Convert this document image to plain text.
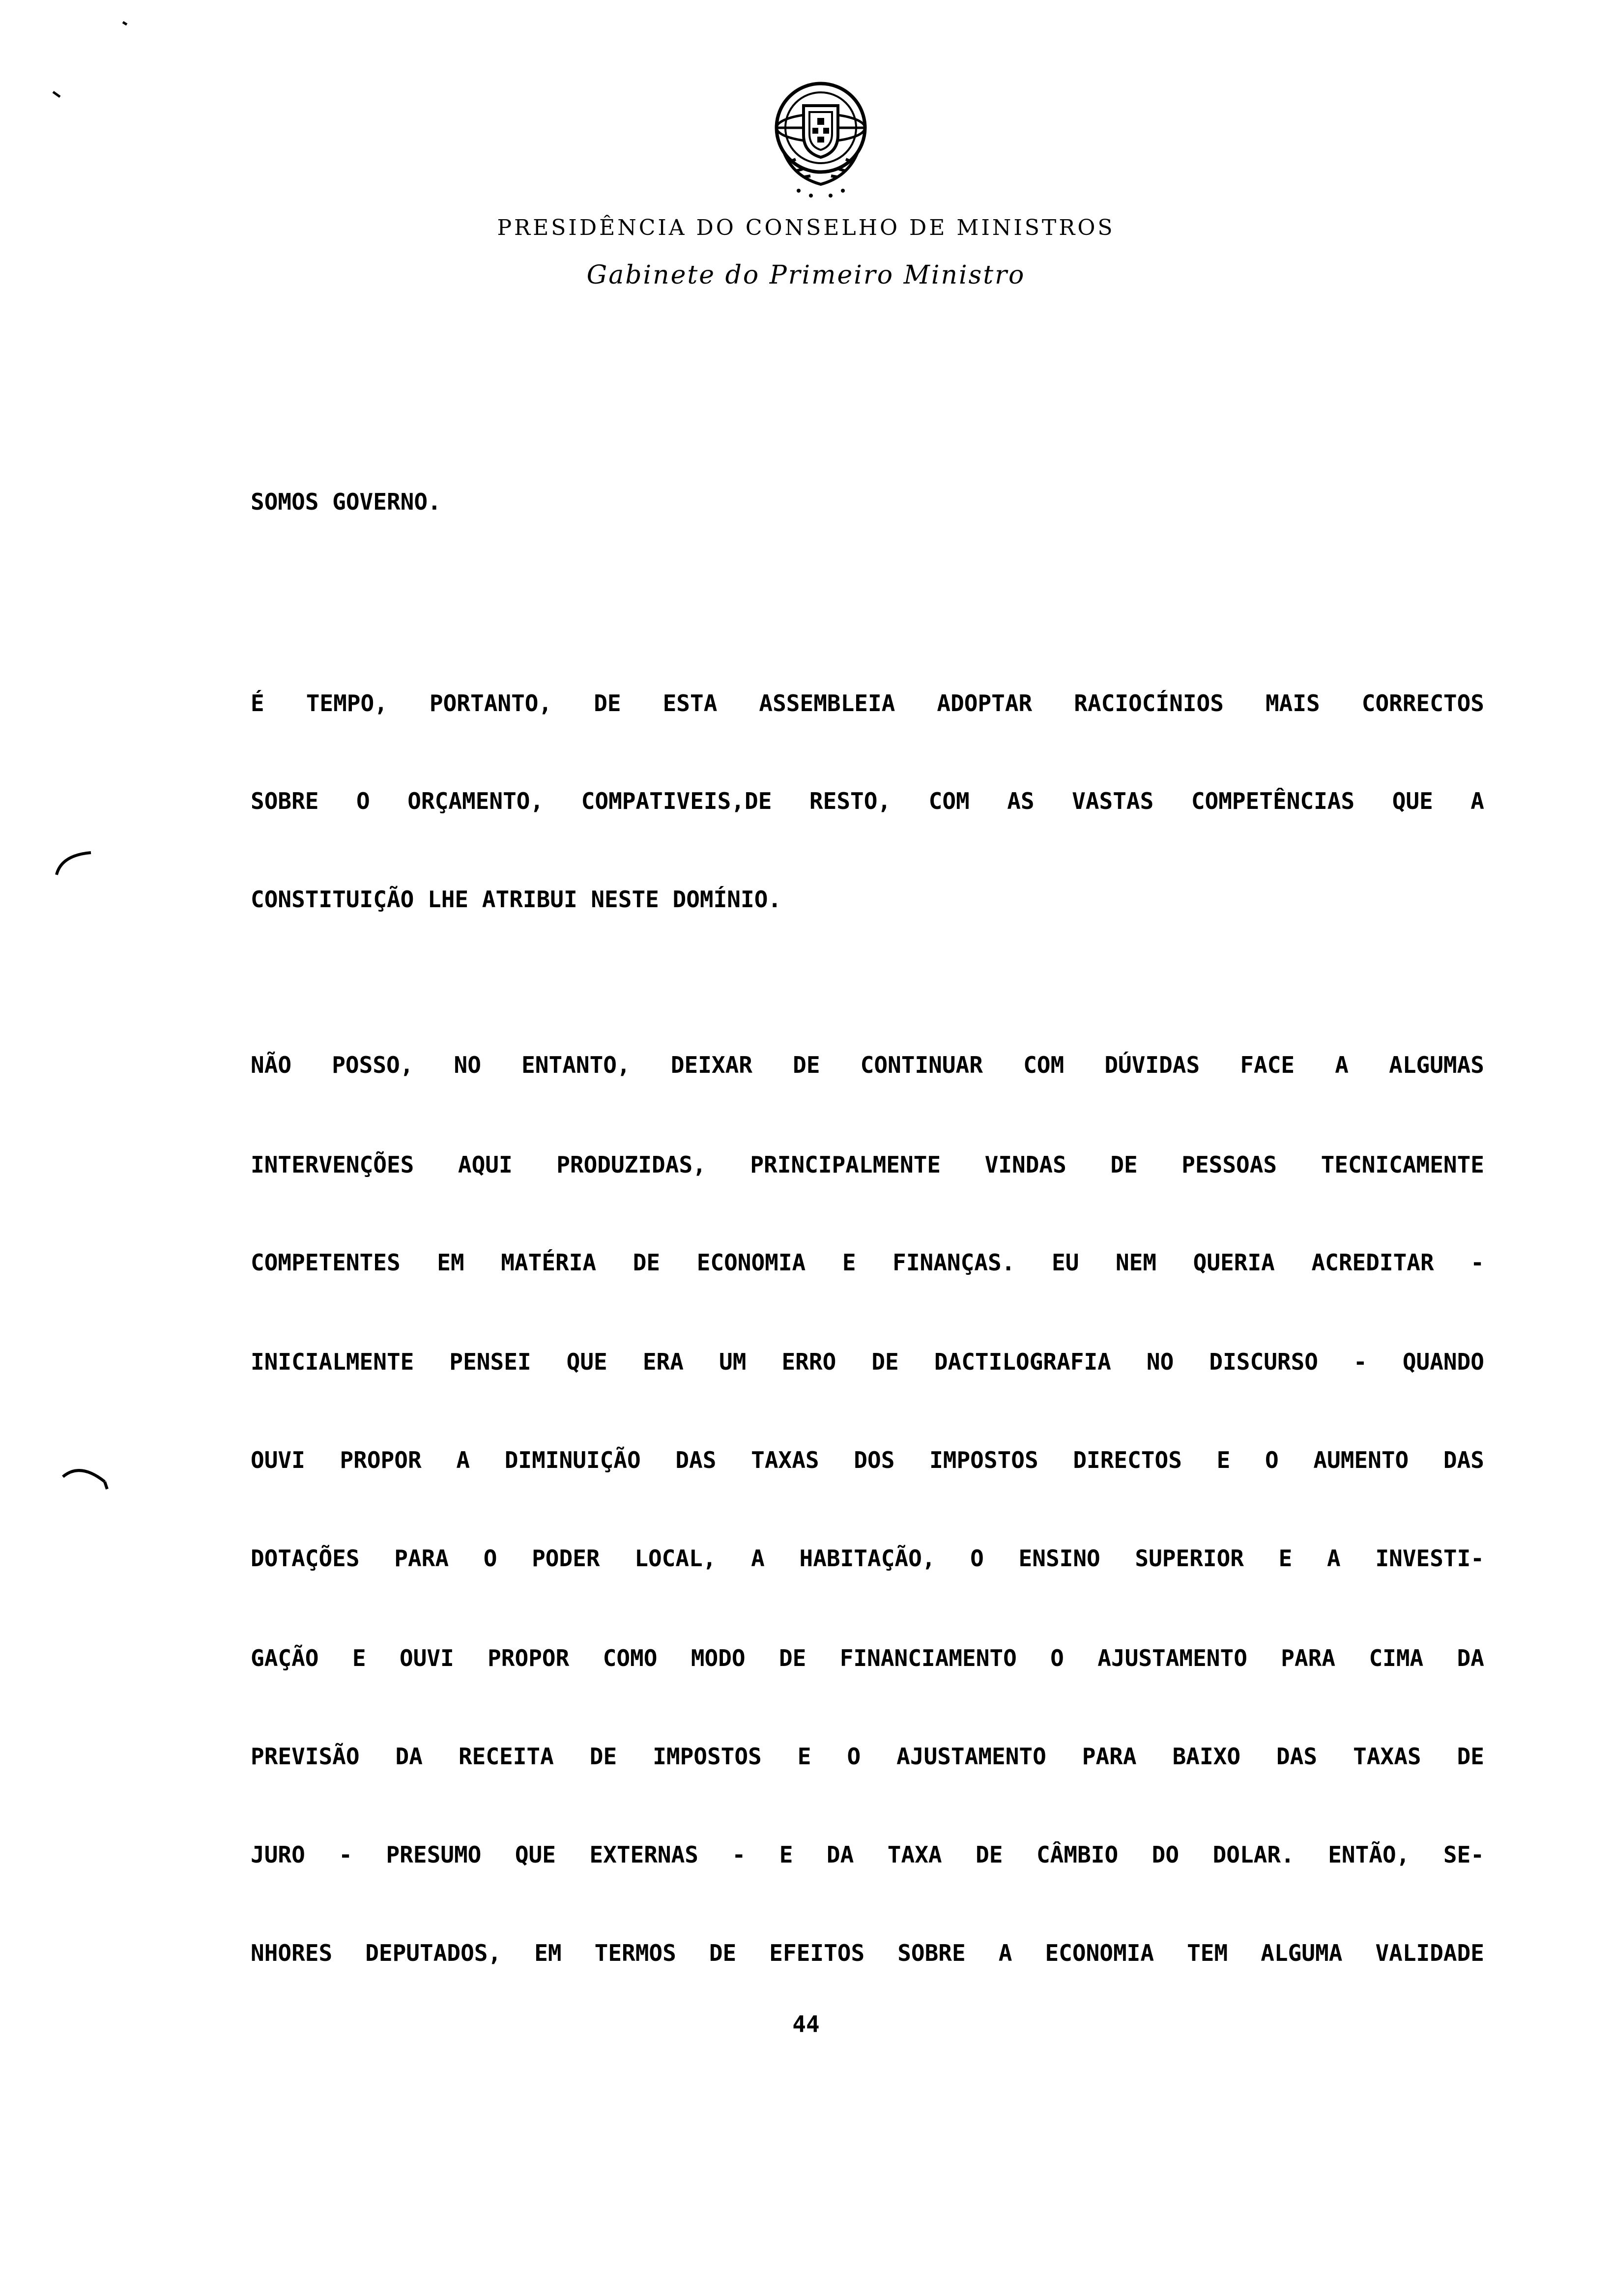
PRESIDÊNCIA DO CONSELHO DE MINISTROS
Gabinete do Primeiro Ministro
SOMOS GOVERNO.
É TEMPO, PORTANTO, DE ESTA ASSEMBLEIA ADOPTAR RACIOCÍNIOS MAIS CORRECTOS
SOBRE O ORÇAMENTO, COMPATIVEIS,DE RESTO, COM AS VASTAS COMPETÊNCIAS QUE A
CONSTITUIÇÃO LHE ATRIBUI NESTE DOMÍNIO.
NÃO POSSO, NO ENTANTO, DEIXAR DE CONTINUAR COM DÚVIDAS FACE A ALGUMAS
INTERVENÇÕES AQUI PRODUZIDAS, PRINCIPALMENTE VINDAS DE PESSOAS TECNICAMENTE
COMPETENTES EM MATÉRIA DE ECONOMIA E FINANÇAS. EU NEM QUERIA ACREDITAR -
INICIALMENTE PENSEI QUE ERA UM ERRO DE DACTILOGRAFIA NO DISCURSO - QUANDO
OUVI PROPOR A DIMINUIÇÃO DAS TAXAS DOS IMPOSTOS DIRECTOS E O AUMENTO DAS
DOTAÇÕES PARA O PODER LOCAL, A HABITAÇÃO, O ENSINO SUPERIOR E A INVESTI-
GAÇÃO E OUVI PROPOR COMO MODO DE FINANCIAMENTO O AJUSTAMENTO PARA CIMA DA
PREVISÃO DA RECEITA DE IMPOSTOS E O AJUSTAMENTO PARA BAIXO DAS TAXAS DE
JURO - PRESUMO QUE EXTERNAS - E DA TAXA DE CÂMBIO DO DOLAR. ENTÃO, SE-
NHORES DEPUTADOS, EM TERMOS DE EFEITOS SOBRE A ECONOMIA TEM ALGUMA VALIDADE
44
